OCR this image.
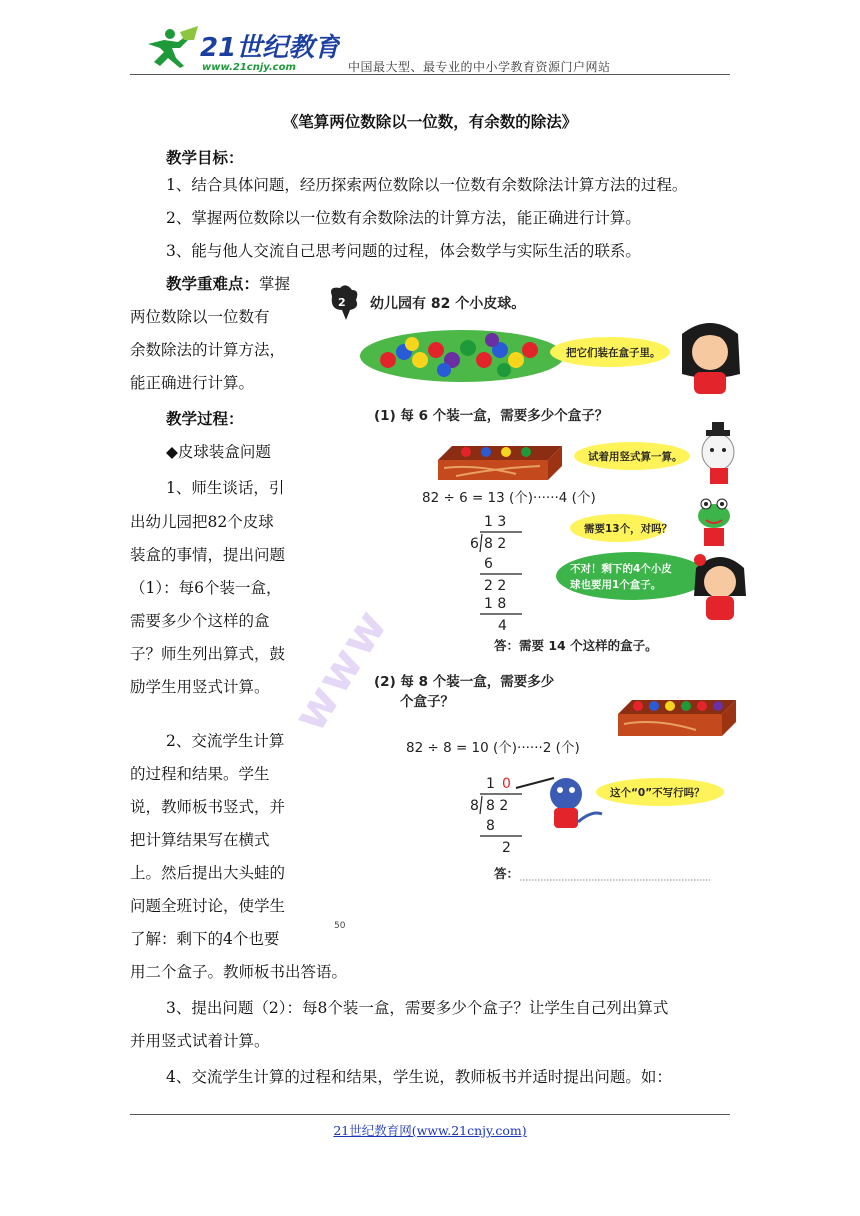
21世纪教育
www.21cnjy.com	中国最大型、最专业的中小学教育资源门户网站
《笔算两位数除以一位数，有余数的除法》
教学目标：
1、结合具体问题，经历探索两位数除以一位数有余数除法计算方法的过程。
2、掌握两位数除以一位数有余数除法的计算方法，能正确进行计算。
3、能与他人交流自己思考问题的过程，体会数学与实际生活的联系。
教学重难点：掌握
两位数除以一位数有
余数除法的计算方法，
能正确进行计算。
教学过程：
◆皮球装盒问题
1、师生谈话，引
出幼儿园把82个皮球
装盒的事情，提出问题
（1）：每6个装一盒，
需要多少个这样的盒
子？师生列出算式，鼓
励学生用竖式计算。
2、交流学生计算
的过程和结果。学生
说，教师板书竖式，并
把计算结果写在横式
上。然后提出大头蛙的
问题全班讨论，使学生
了解：剩下的4个也要
用二个盒子。教师板书出答语。
3、提出问题（2）：每8个装一盒，需要多少个盒子？让学生自己列出算式
并用竖式试着计算。
4、交流学生计算的过程和结果，学生说，教师板书并适时提出问题。如：
www
2 幼儿园有 82 个小皮球。
把它们装在盒子里。
(1) 每 6 个装一盒，需要多少个盒子？
试着用竖式算一算。
82 ÷ 6 = 13 (个)······4 (个)
1 3
6 8 2
6
2 2
1 8
4
需要13个，对吗？
不对！剩下的4个小皮
球也要用1个盒子。
答：需要 14 个这样的盒子。
(2) 每 8 个装一盒，需要多少
个盒子？
82 ÷ 8 = 10 (个)······2 (个)
1 0
8 8 2
8
2
这个“0”不写行吗？
答：
50
21世纪教育网(www.21cnjy.com)
